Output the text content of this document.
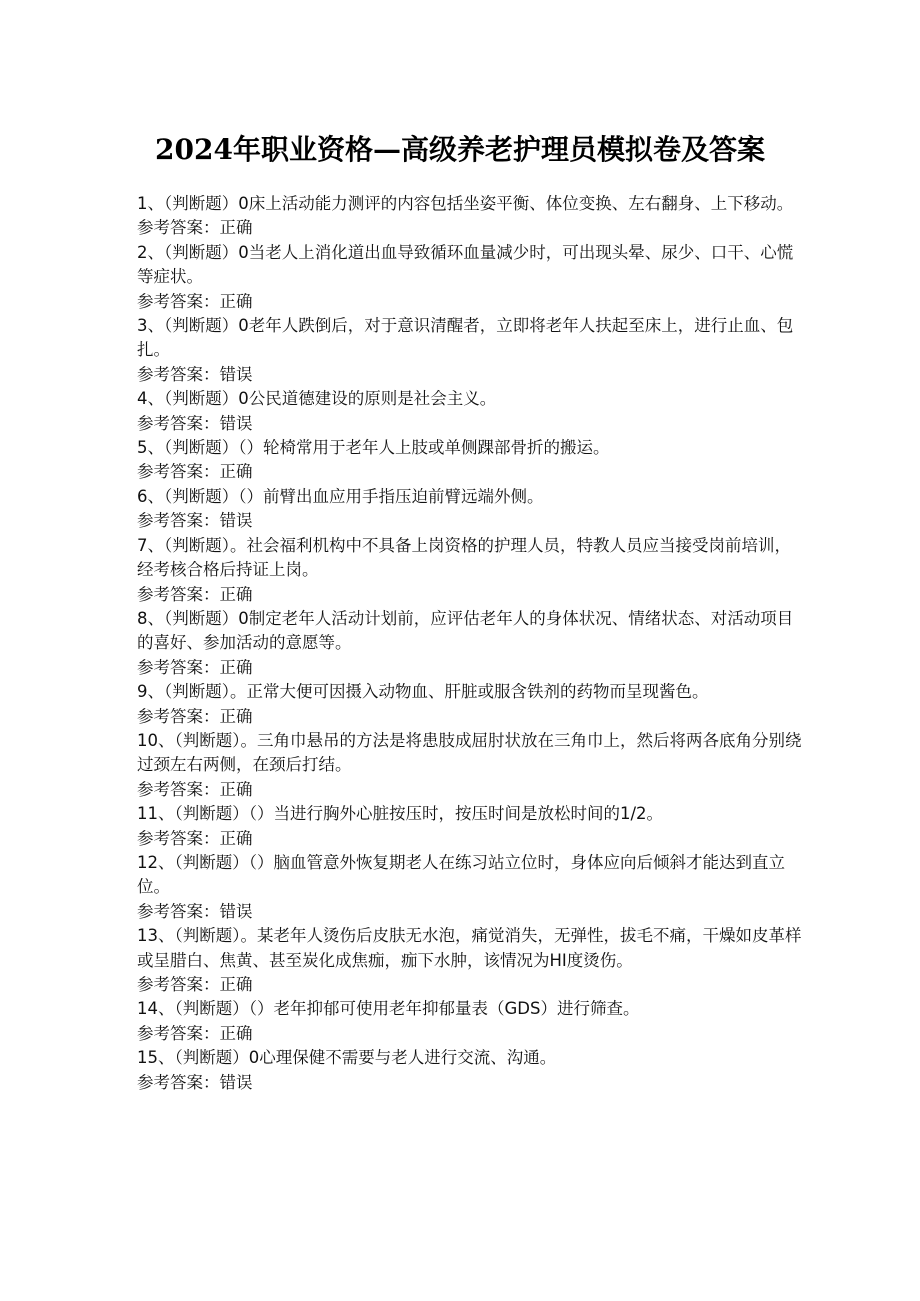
2024年职业资格—高级养老护理员模拟卷及答案

1、（判断题）0床上活动能力测评的内容包括坐姿平衡、体位变换、左右翻身、上下移动。

参考答案：正确

2、（判断题）0当老人上消化道出血导致循环血量减少时，可出现头晕、尿少、口干、心慌等症状。

参考答案：正确

3、（判断题）0老年人跌倒后，对于意识清醒者，立即将老年人扶起至床上，进行止血、包扎。

参考答案：错误

4、（判断题）0公民道德建设的原则是社会主义。

参考答案：错误

5、（判断题）（）轮椅常用于老年人上肢或单侧踝部骨折的搬运。

参考答案：正确

6、（判断题）（）前臂出血应用手指压迫前臂远端外侧。

参考答案：错误

7、（判断题）。社会福利机构中不具备上岗资格的护理人员，特教人员应当接受岗前培训，经考核合格后持证上岗。

参考答案：正确

8、（判断题）0制定老年人活动计划前，应评估老年人的身体状况、情绪状态、对活动项目的喜好、参加活动的意愿等。

参考答案：正确

9、（判断题）。正常大便可因摄入动物血、肝脏或服含铁剂的药物而呈现酱色。

参考答案：正确

10、（判断题）。三角巾悬吊的方法是将患肢成屈肘状放在三角巾上，然后将两各底角分别绕过颈左右两侧，在颈后打结。

参考答案：正确

11、（判断题）（）当进行胸外心脏按压时，按压时间是放松时间的1/2。

参考答案：正确

12、（判断题）（）脑血管意外恢复期老人在练习站立位时，身体应向后倾斜才能达到直立位。

参考答案：错误

13、（判断题）。某老年人烫伤后皮肤无水泡，痛觉消失，无弹性，拔毛不痛，干燥如皮革样或呈腊白、焦黄、甚至炭化成焦痂，痂下水肿，该情况为HI度烫伤。

参考答案：正确

14、（判断题）（）老年抑郁可使用老年抑郁量表（GDS）进行筛查。

参考答案：正确

15、（判断题）0心理保健不需要与老人进行交流、沟通。

参考答案：错误
